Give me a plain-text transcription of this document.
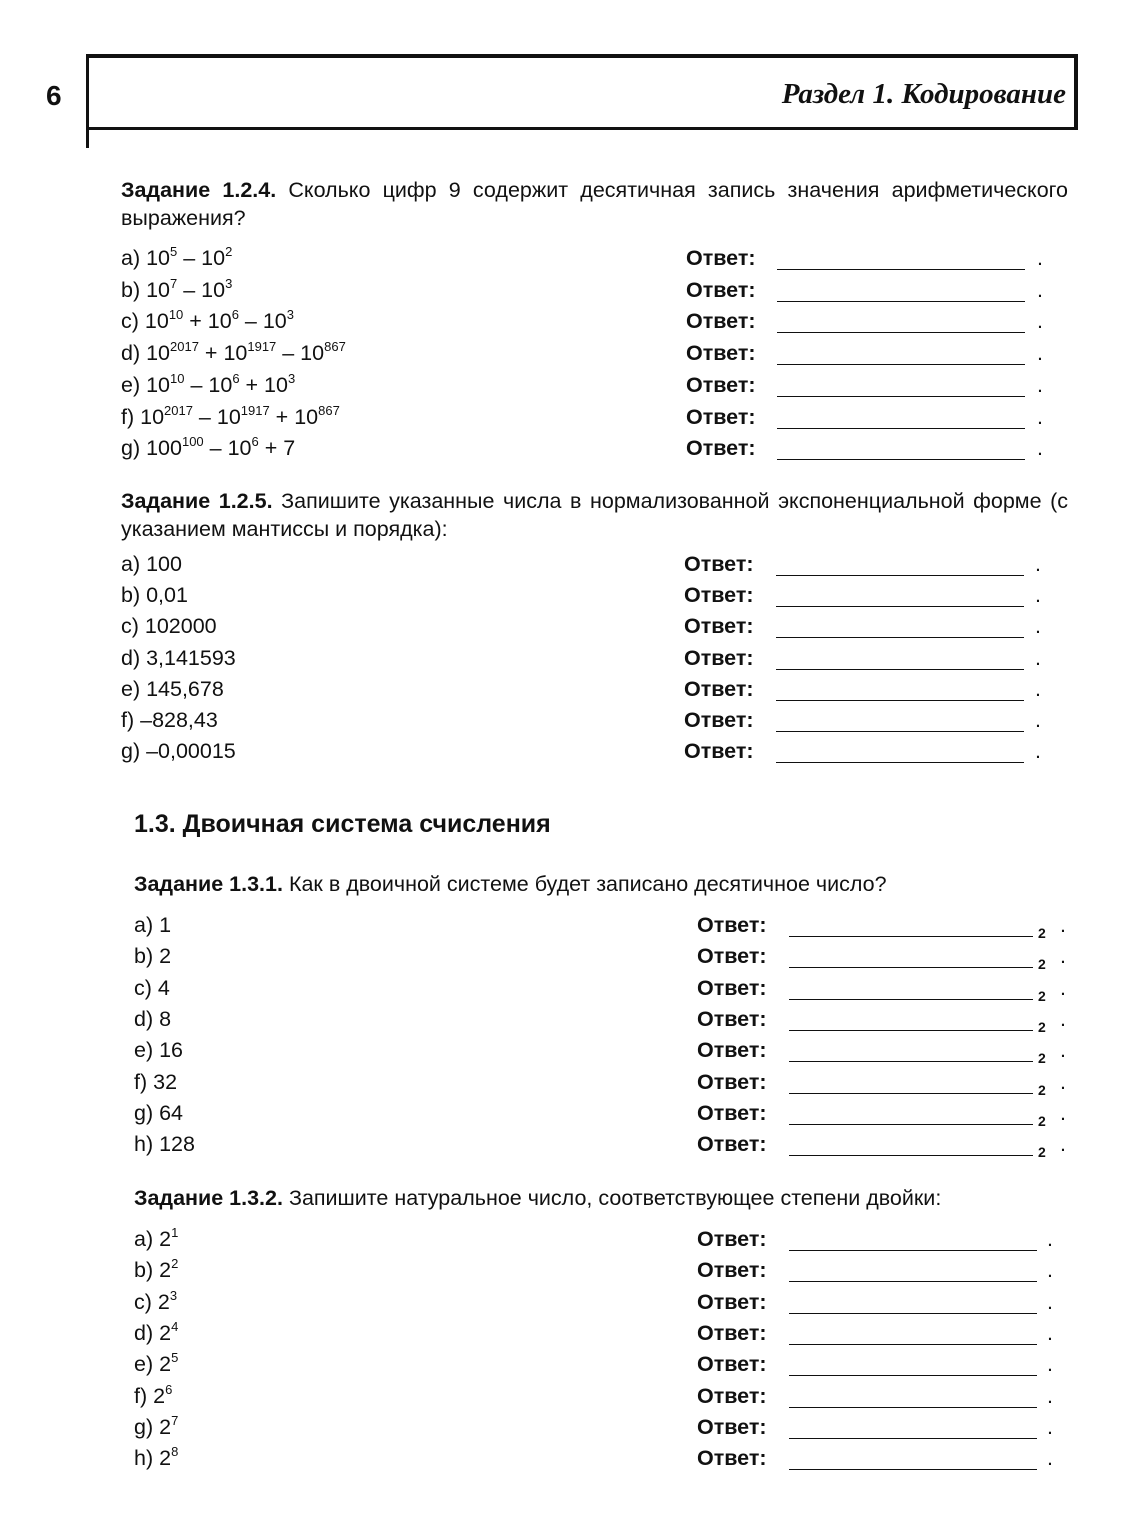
6	Раздел 1. Кодирование
Задание 1.2.4. Сколько цифр 9 содержит десятичная запись значения арифметического выражения?
a) $10^5 - 10^2$	Ответ:	.
b) $10^7 - 10^3$	Ответ:	.
c) $10^{10} + 10^6 - 10^3$	Ответ:	.
d) $10^{2017} + 10^{1917} - 10^{867}$	Ответ:	.
e) $10^{10} - 10^6 + 10^3$	Ответ:	.
f) $10^{2017} - 10^{1917} + 10^{867}$	Ответ:	.
g) $100^{100} - 10^6 + 7$	Ответ:	.
Задание 1.2.5. Запишите указанные числа в нормализованной экспоненциальной форме (с указанием мантиссы и порядка):
a) 100	Ответ:	.
b) 0,01	Ответ:	.
c) 102000	Ответ:	.
d) 3,141593	Ответ:	.
e) 145,678	Ответ:	.
f) –828,43	Ответ:	.
g) –0,00015	Ответ:	.
1.3. Двоичная система счисления
Задание 1.3.1. Как в двоичной системе будет записано десятичное число?
a) 1	Ответ:	2 .
b) 2	Ответ:	2 .
c) 4	Ответ:	2 .
d) 8	Ответ:	2 .
e) 16	Ответ:	2 .
f) 32	Ответ:	2 .
g) 64	Ответ:	2 .
h) 128	Ответ:	2 .
Задание 1.3.2. Запишите натуральное число, соответствующее степени двойки:
a) $2^1$	Ответ:	.
b) $2^2$	Ответ:	.
c) $2^3$	Ответ:	.
d) $2^4$	Ответ:	.
e) $2^5$	Ответ:	.
f) $2^6$	Ответ:	.
g) $2^7$	Ответ:	.
h) $2^8$	Ответ:	.
